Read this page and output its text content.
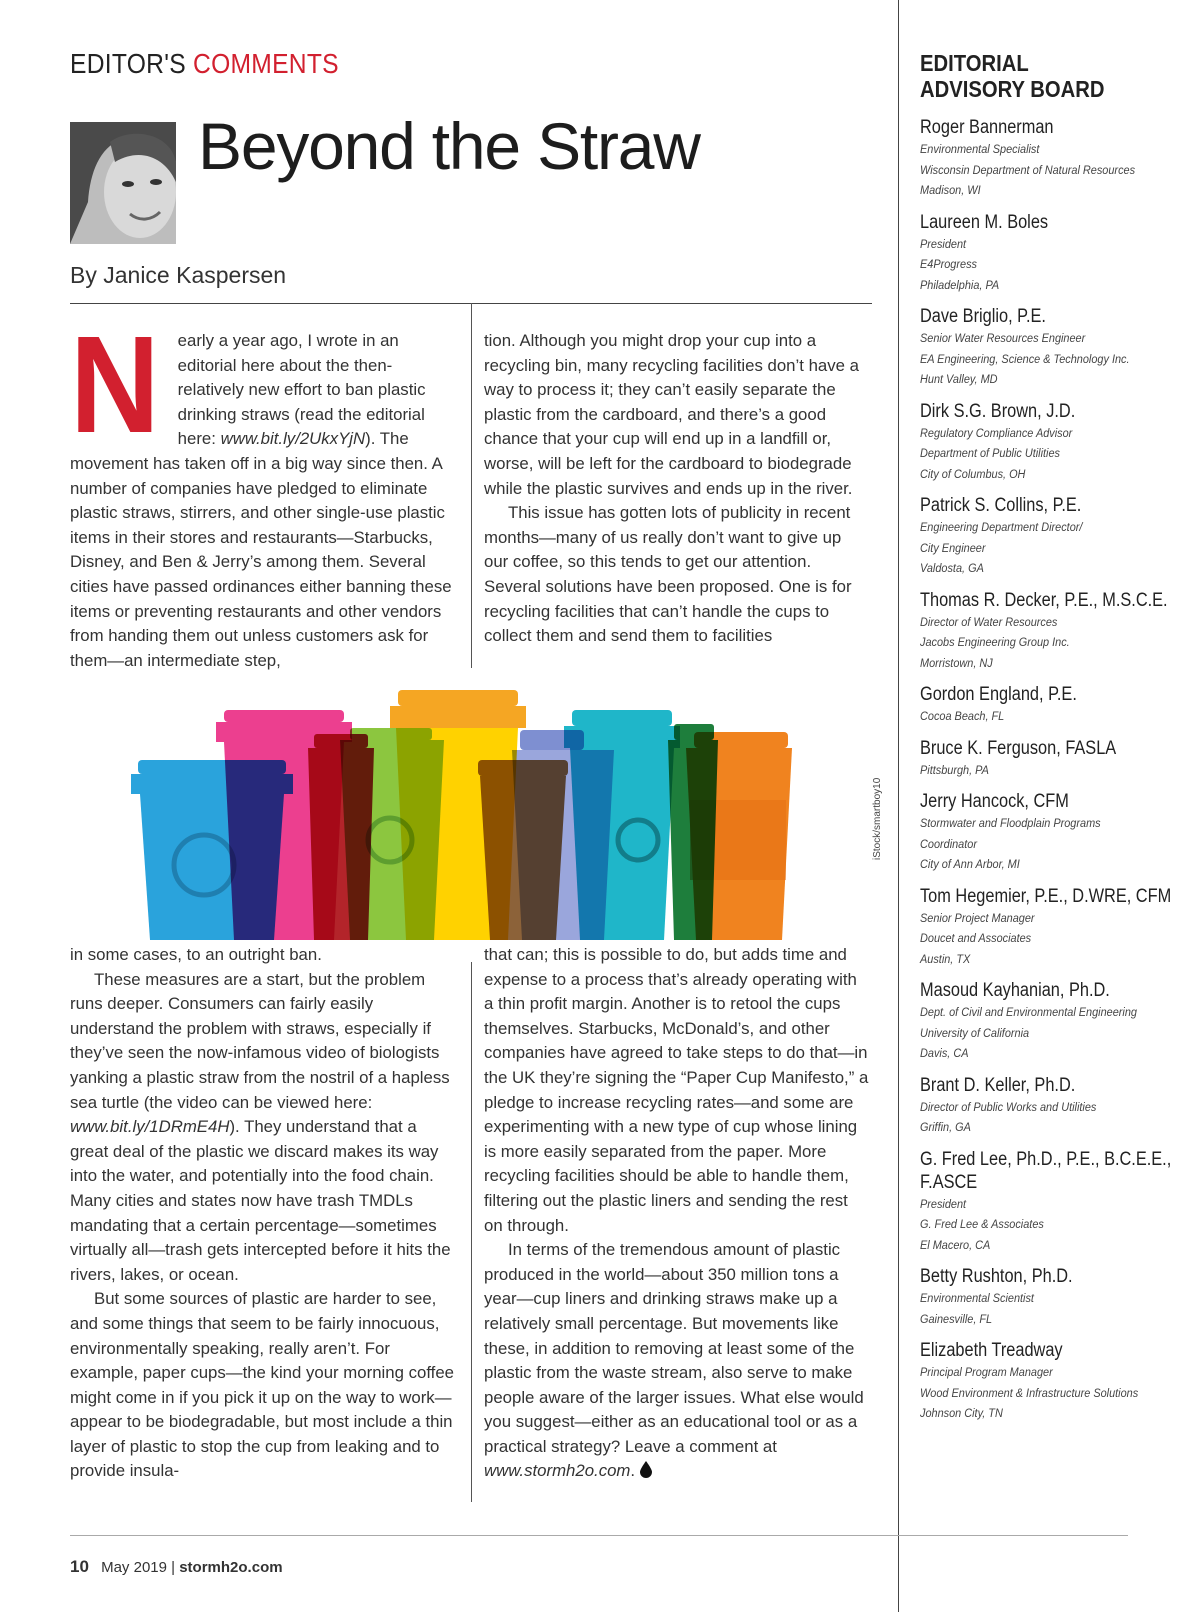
EDITOR'S COMMENTS
Beyond the Straw
By Janice Kaspersen
N	early a year ago, I wrote in an editorial here about the then-relatively new effort to ban plastic drinking straws (read the editorial here: www.bit.ly/2UkxYjN). The movement has taken off in a big way since then. A number of companies have pledged to eliminate plastic straws, stirrers, and other single-use plastic items in their stores and restaurants—Starbucks, Disney, and Ben & Jerry’s among them. Several cities have passed ordinances either banning these items or preventing restaurants and other vendors from handing them out unless customers ask for them—an intermediate step,

tion. Although you might drop your cup into a recycling bin, many recycling facilities don’t have a way to process it; they can’t easily separate the plastic from the cardboard, and there’s a good chance that your cup will end up in a landfill or, worse, will be left for the cardboard to biodegrade while the plastic survives and ends up in the river.

This issue has gotten lots of publicity in recent months—many of us really don’t want to give up our coffee, so this tends to get our attention. Several solutions have been proposed. One is for recycling facilities that can’t handle the cups to collect them and send them to facilities

iStock/smartboy10

in some cases, to an outright ban.

These measures are a start, but the problem runs deeper. Consumers can fairly easily understand the problem with straws, especially if they’ve seen the now-infamous video of biologists yanking a plastic straw from the nostril of a hapless sea turtle (the video can be viewed here: www.bit.ly/1DRmE4H). They understand that a great deal of the plastic we discard makes its way into the water, and potentially into the food chain. Many cities and states now have trash TMDLs mandating that a certain percentage—sometimes virtually all—trash gets intercepted before it hits the rivers, lakes, or ocean.

But some sources of plastic are harder to see, and some things that seem to be fairly innocuous, environmentally speaking, really aren’t. For example, paper cups—the kind your morning coffee might come in if you pick it up on the way to work—appear to be biodegradable, but most include a thin layer of plastic to stop the cup from leaking and to provide insula-

that can; this is possible to do, but adds time and expense to a process that’s already operating with a thin profit margin. Another is to retool the cups themselves. Starbucks, McDonald’s, and other companies have agreed to take steps to do that—in the UK they’re signing the “Paper Cup Manifesto,” a pledge to increase recycling rates—and some are experimenting with a new type of cup whose lining is more easily separated from the paper. More recycling facilities should be able to handle them, filtering out the plastic liners and sending the rest on through.

In terms of the tremendous amount of plastic produced in the world—about 350 million tons a year—cup liners and drinking straws make up a relatively small percentage. But movements like these, in addition to removing at least some of the plastic from the waste stream, also serve to make people aware of the larger issues. What else would you suggest—either as an educational tool or as a practical strategy? Leave a comment at www.stormh2o.com.

10 May 2019 | stormh2o.com
EDITORIAL
ADVISORY BOARD
Roger Bannerman
Environmental Specialist
Wisconsin Department of Natural Resources
Madison, WI
Laureen M. Boles
President
E4Progress
Philadelphia, PA
Dave Briglio, P.E.
Senior Water Resources Engineer
EA Engineering, Science & Technology Inc.
Hunt Valley, MD
Dirk S.G. Brown, J.D.
Regulatory Compliance Advisor
Department of Public Utilities
City of Columbus, OH
Patrick S. Collins, P.E.
Engineering Department Director/
City Engineer
Valdosta, GA
Thomas R. Decker, P.E., M.S.C.E.
Director of Water Resources
Jacobs Engineering Group Inc.
Morristown, NJ
Gordon England, P.E.
Cocoa Beach, FL
Bruce K. Ferguson, FASLA
Pittsburgh, PA
Jerry Hancock, CFM
Stormwater and Floodplain Programs
Coordinator
City of Ann Arbor, MI
Tom Hegemier, P.E., D.WRE, CFM
Senior Project Manager
Doucet and Associates
Austin, TX
Masoud Kayhanian, Ph.D.
Dept. of Civil and Environmental Engineering
University of California
Davis, CA
Brant D. Keller, Ph.D.
Director of Public Works and Utilities
Griffin, GA
G. Fred Lee, Ph.D., P.E., B.C.E.E., F.ASCE
President
G. Fred Lee & Associates
El Macero, CA
Betty Rushton, Ph.D.
Environmental Scientist
Gainesville, FL
Elizabeth Treadway
Principal Program Manager
Wood Environment & Infrastructure Solutions
Johnson City, TN
